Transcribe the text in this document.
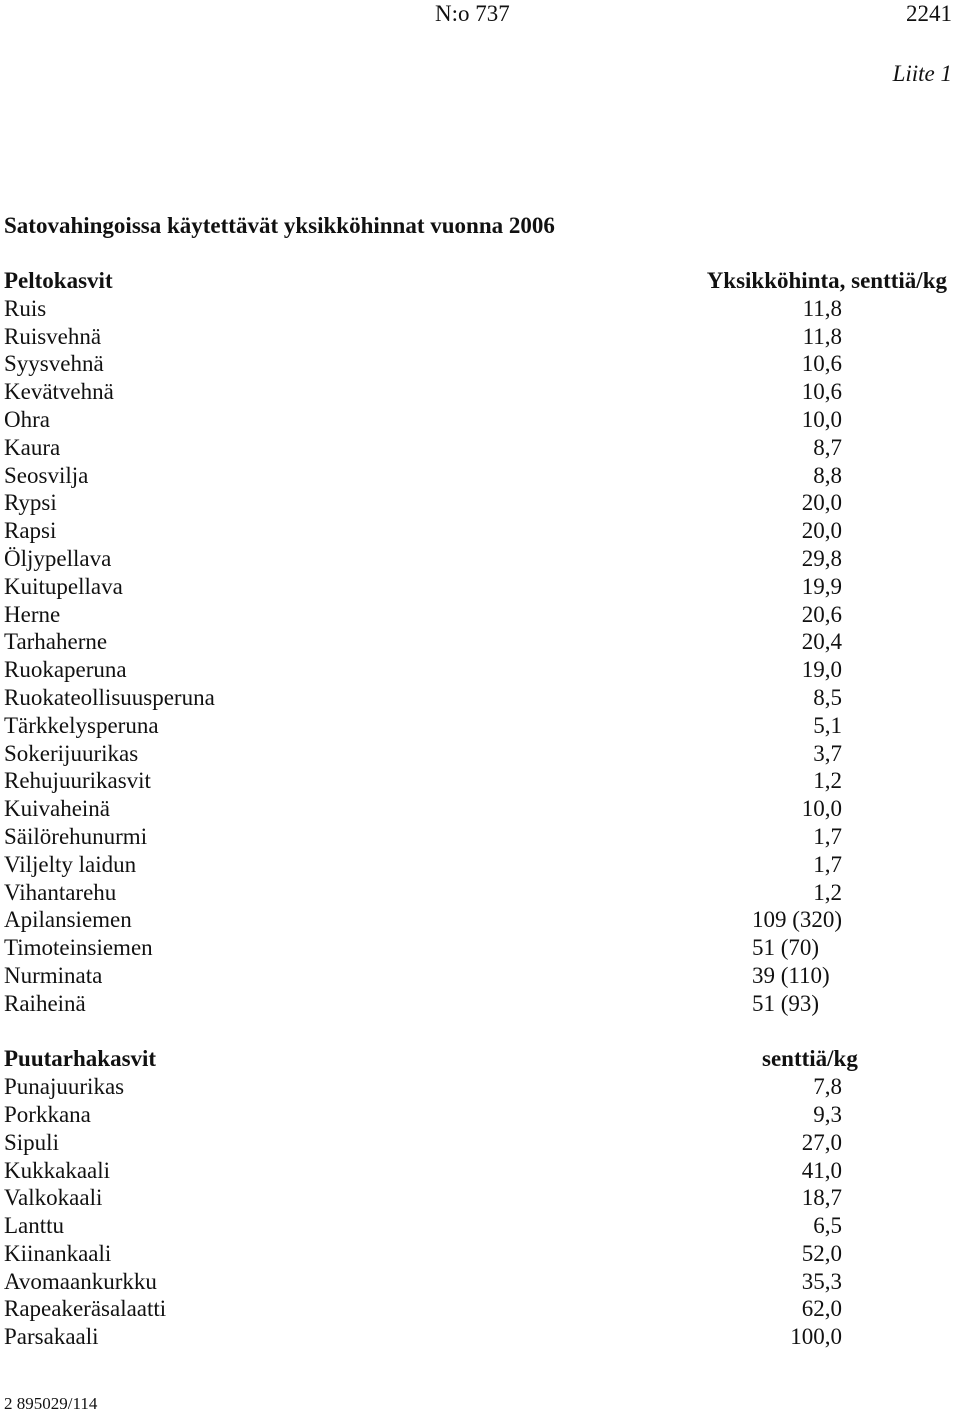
N:o 737	2241
Liite 1
Satovahingoissa käytettävät yksikköhinnat vuonna 2006
Peltokasvit	Yksikköhinta, senttiä/kg
Ruis	11,8
Ruisvehnä	11,8
Syysvehnä	10,6
Kevätvehnä	10,6
Ohra	10,0
Kaura	8,7
Seosvilja	8,8
Rypsi	20,0
Rapsi	20,0
Öljypellava	29,8
Kuitupellava	19,9
Herne	20,6
Tarhaherne	20,4
Ruokaperuna	19,0
Ruokateollisuusperuna	8,5
Tärkkelysperuna	5,1
Sokerijuurikas	3,7
Rehujuurikasvit	1,2
Kuivaheinä	10,0
Säilörehunurmi	1,7
Viljelty laidun	1,7
Vihantarehu	1,2
Apilansiemen	109 (320)
Timoteinsiemen	51 (70)
Nurminata	39 (110)
Raiheinä	51 (93)
Puutarhakasvit	senttiä/kg
Punajuurikas	7,8
Porkkana	9,3
Sipuli	27,0
Kukkakaali	41,0
Valkokaali	18,7
Lanttu	6,5
Kiinankaali	52,0
Avomaankurkku	35,3
Rapeakeräsalaatti	62,0
Parsakaali	100,0
2 895029/114
